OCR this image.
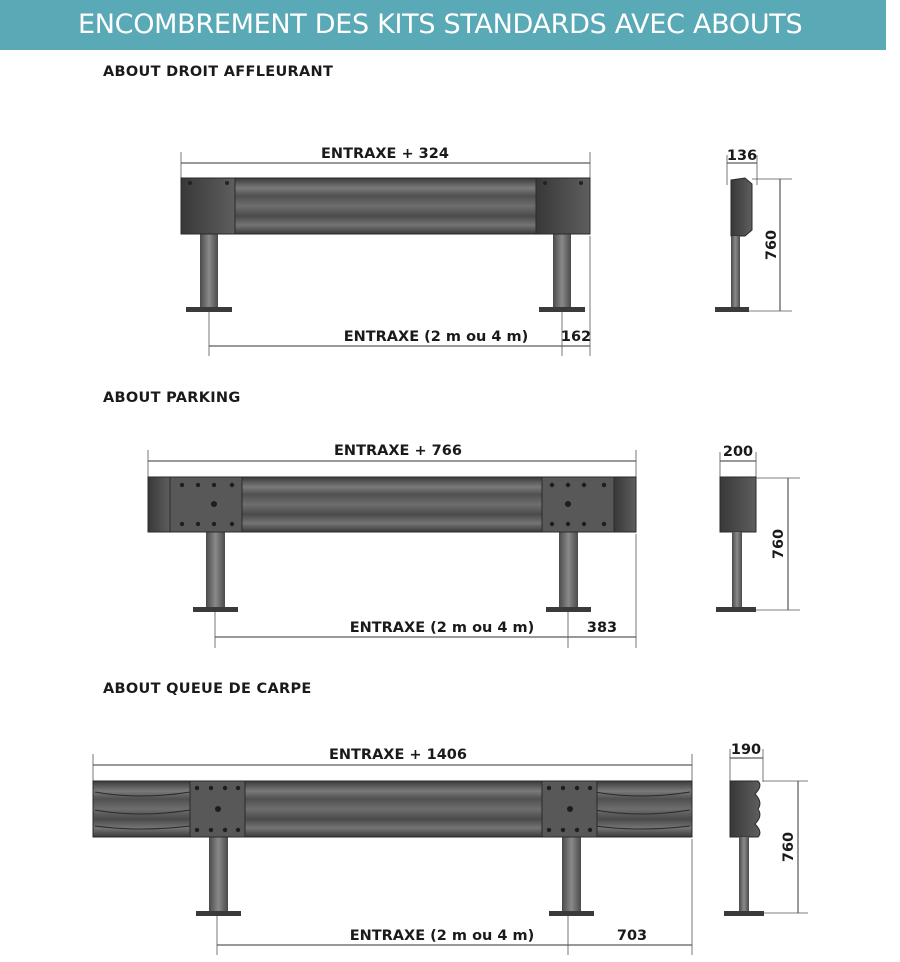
ENCOMBREMENT DES KITS STANDARDS AVEC ABOUTS
ABOUT DROIT AFFLEURANT
ABOUT PARKING
ABOUT QUEUE DE CARPE
ENTRAXE + 324
ENTRAXE (2 m ou 4 m) 162
136
760
ENTRAXE + 766
ENTRAXE (2 m ou 4 m)	383
200
760
ENTRAXE + 1406
ENTRAXE (2 m ou 4 m)	703
190
760
